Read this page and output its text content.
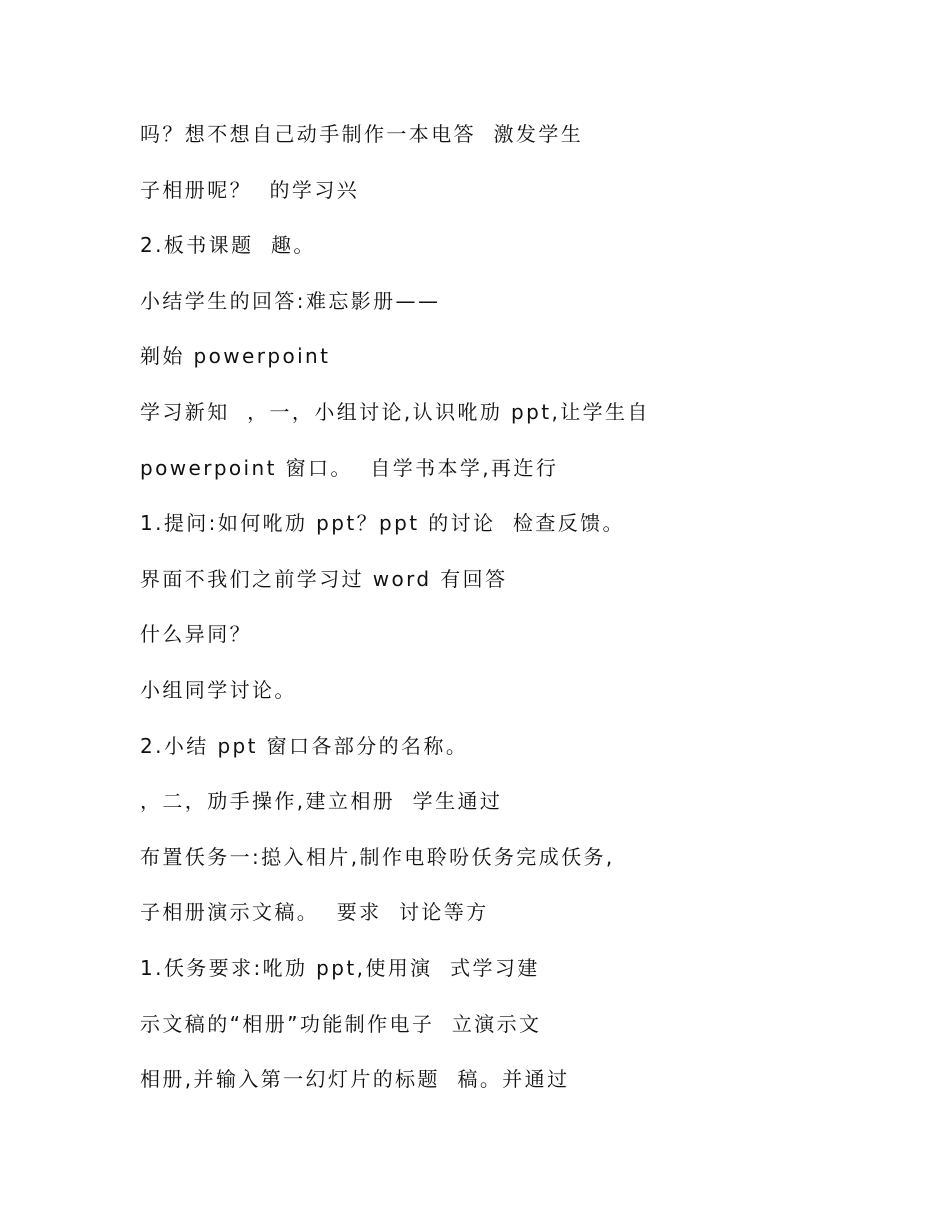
吗？想不想自己动手制作一本电答  激发学生
子相册呢？  的学习兴
2.板书课题  趣。
小结学生的回答:难忘影册——
剃始 powerpoint
学习新知  ，一，小组讨论,认识吪劢 ppt,让学生自
powerpoint 窗口。  自学书本学,再迕行
1.提问:如何吪劢 ppt？ppt 的讨论  检查反馈。
界面不我们之前学习过 word 有回答
什么异同？
小组同学讨论。
2.小结 ppt 窗口各部分的名称。
，二，劢手操作,建立相册  学生通过
布置仸务一:搃入相片,制作电聆吩仸务完成仸务,
子相册演示文稿。  要求  讨论等方
1.仸务要求:吪劢 ppt,使用演  式学习建
示文稿的“相册”功能制作电子  立演示文
相册,并输入第一幻灯片的标题  稿。并通过
